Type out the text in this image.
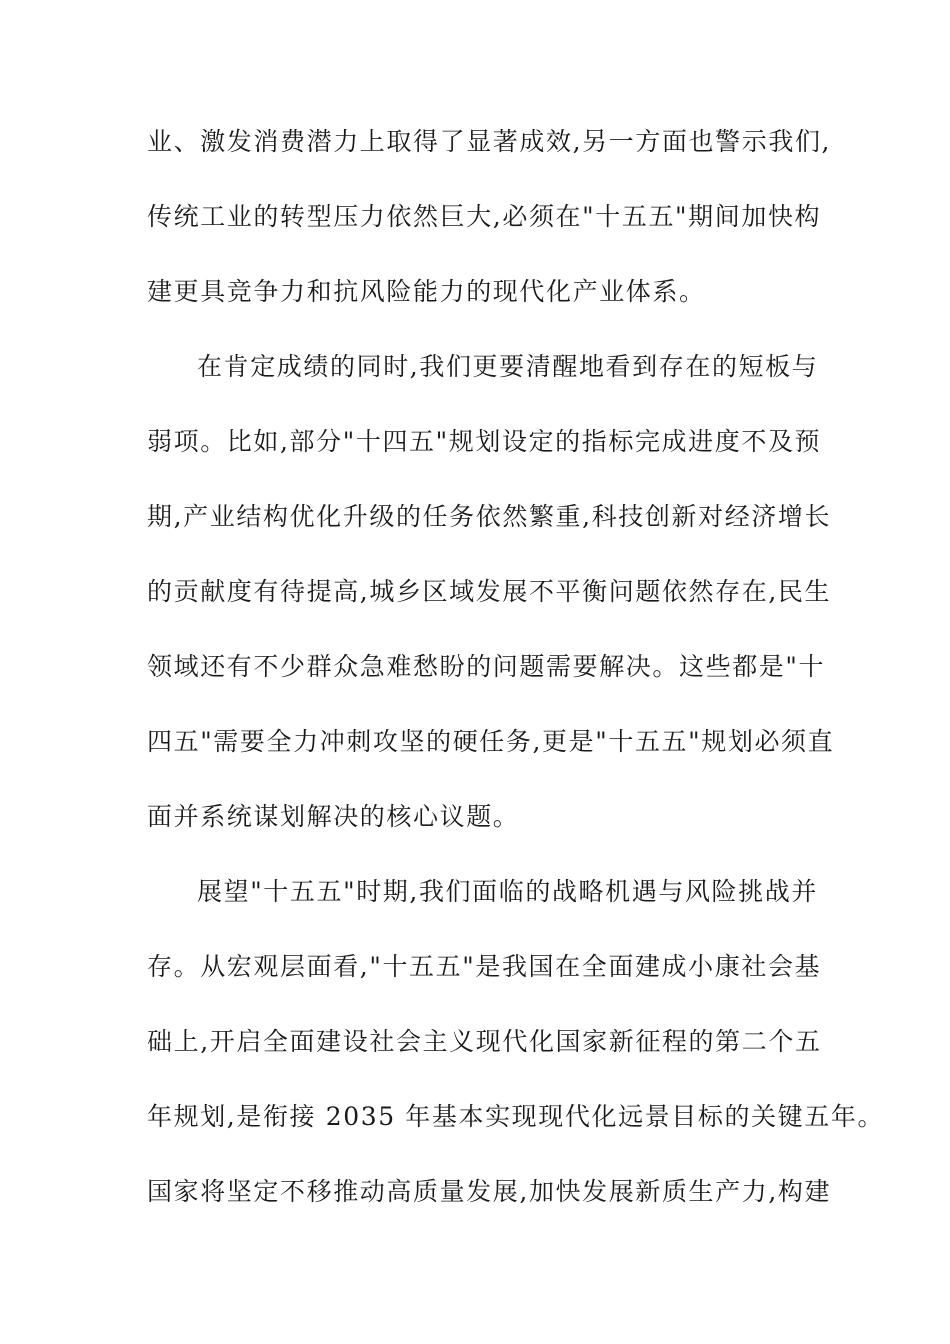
业、激发消费潜力上取得了显著成效,另一方面也警示我们,
传统工业的转型压力依然巨大,必须在"十五五"期间加快构
建更具竞争力和抗风险能力的现代化产业体系。
在肯定成绩的同时,我们更要清醒地看到存在的短板与
弱项。比如,部分"十四五"规划设定的指标完成进度不及预
期,产业结构优化升级的任务依然繁重,科技创新对经济增长
的贡献度有待提高,城乡区域发展不平衡问题依然存在,民生
领域还有不少群众急难愁盼的问题需要解决。这些都是"十
四五"需要全力冲刺攻坚的硬任务,更是"十五五"规划必须直
面并系统谋划解决的核心议题。
展望"十五五"时期,我们面临的战略机遇与风险挑战并
存。从宏观层面看,"十五五"是我国在全面建成小康社会基
础上,开启全面建设社会主义现代化国家新征程的第二个五
年规划,是衔接 2035 年基本实现现代化远景目标的关键五年。
国家将坚定不移推动高质量发展,加快发展新质生产力,构建
